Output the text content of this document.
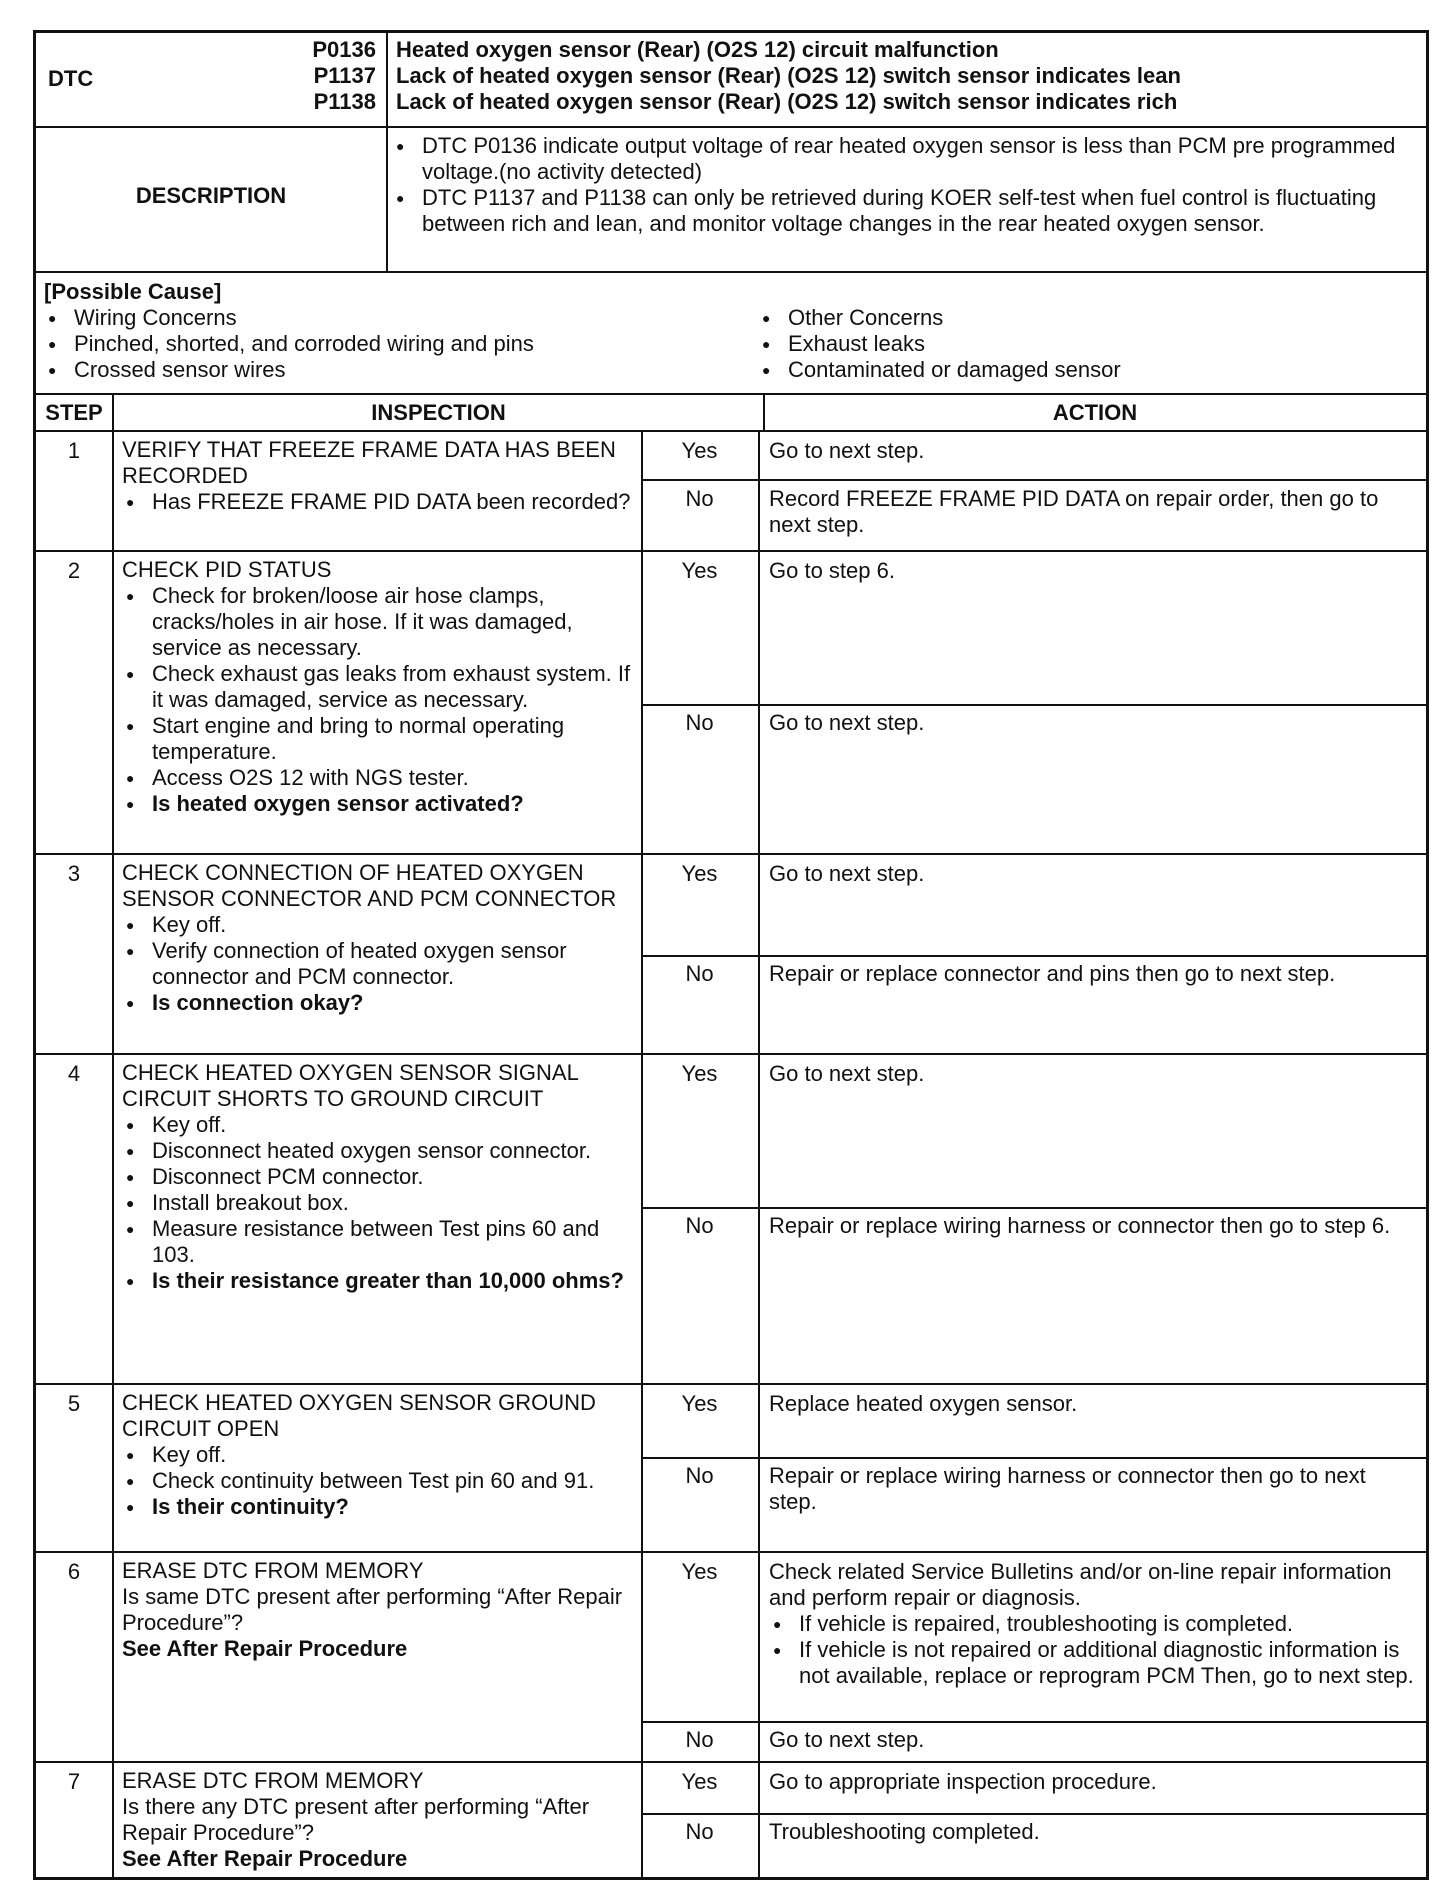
DTC
P0136
P1137
P1138
Heated oxygen sensor (Rear) (O2S 12) circuit malfunction
Lack of heated oxygen sensor (Rear) (O2S 12) switch sensor indicates lean
Lack of heated oxygen sensor (Rear) (O2S 12) switch sensor indicates rich
DESCRIPTION
● DTC P0136 indicate output voltage of rear heated oxygen sensor is less than PCM pre programmed voltage.(no activity detected)
● DTC P1137 and P1138 can only be retrieved during KOER self-test when fuel control is fluctuating between rich and lean, and monitor voltage changes in the rear heated oxygen sensor.
[Possible Cause]
● Wiring Concerns
● Pinched, shorted, and corroded wiring and pins
● Crossed sensor wires
● Other Concerns
● Exhaust leaks
● Contaminated or damaged sensor
STEP	INSPECTION	ACTION
1	VERIFY THAT FREEZE FRAME DATA HAS BEEN RECORDED
● Has FREEZE FRAME PID DATA been recorded?
Yes	Go to next step.
No	Record FREEZE FRAME PID DATA on repair order, then go to next step.
2	CHECK PID STATUS
● Check for broken/loose air hose clamps, cracks/holes in air hose. If it was damaged, service as necessary.
● Check exhaust gas leaks from exhaust system. If it was damaged, service as necessary.
● Start engine and bring to normal operating temperature.
● Access O2S 12 with NGS tester.
● Is heated oxygen sensor activated?
Yes	Go to step 6.
No	Go to next step.
3	CHECK CONNECTION OF HEATED OXYGEN SENSOR CONNECTOR AND PCM CONNECTOR
● Key off.
● Verify connection of heated oxygen sensor connector and PCM connector.
● Is connection okay?
Yes	Go to next step.
No	Repair or replace connector and pins then go to next step.
4	CHECK HEATED OXYGEN SENSOR SIGNAL CIRCUIT SHORTS TO GROUND CIRCUIT
● Key off.
● Disconnect heated oxygen sensor connector.
● Disconnect PCM connector.
● Install breakout box.
● Measure resistance between Test pins 60 and 103.
● Is their resistance greater than 10,000 ohms?
Yes	Go to next step.
No	Repair or replace wiring harness or connector then go to step 6.
5	CHECK HEATED OXYGEN SENSOR GROUND CIRCUIT OPEN
● Key off.
● Check continuity between Test pin 60 and 91.
● Is their continuity?
Yes	Replace heated oxygen sensor.
No	Repair or replace wiring harness or connector then go to next step.
6	ERASE DTC FROM MEMORY
Is same DTC present after performing “After Repair Procedure”?
See After Repair Procedure
Yes	Check related Service Bulletins and/or on-line repair information and perform repair or diagnosis.
● If vehicle is repaired, troubleshooting is completed.
● If vehicle is not repaired or additional diagnostic information is not available, replace or reprogram PCM Then, go to next step.
No	Go to next step.
7	ERASE DTC FROM MEMORY
Is there any DTC present after performing “After Repair Procedure”?
See After Repair Procedure
Yes	Go to appropriate inspection procedure.
No	Troubleshooting completed.
